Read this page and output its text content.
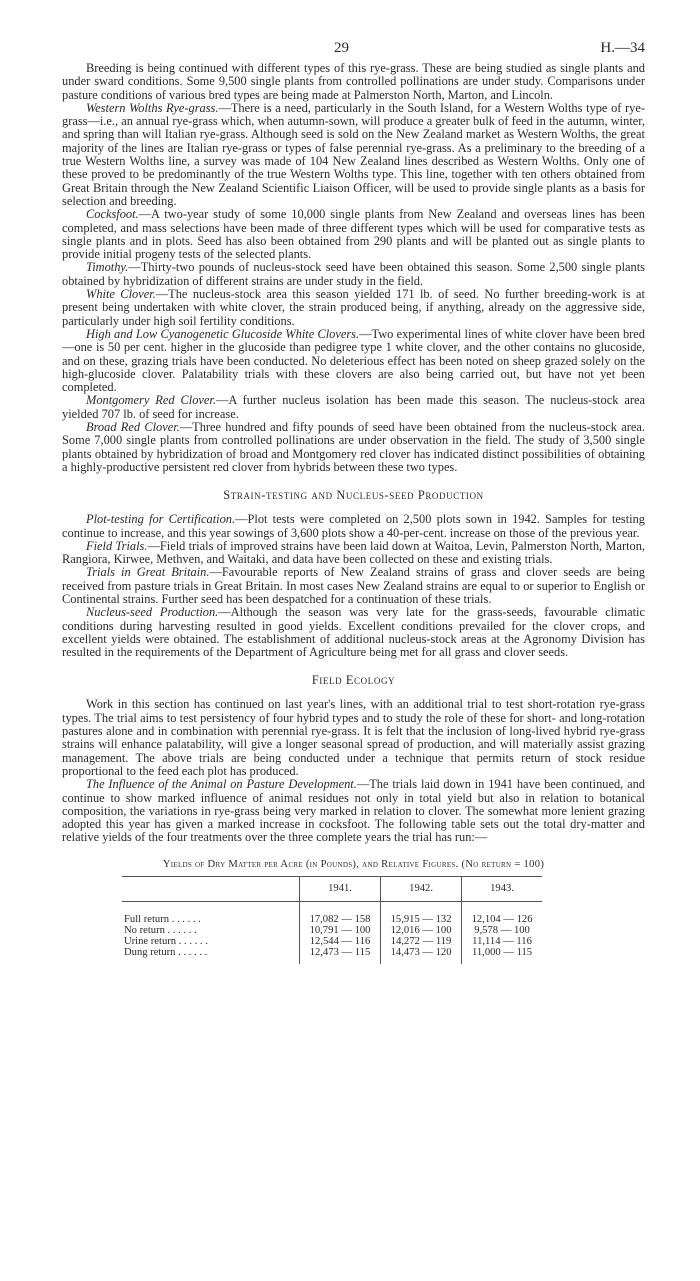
29	H.—34

Breeding is being continued with different types of this rye-grass. These are being studied as single plants and under sward conditions. Some 9,500 single plants from controlled pollinations are under study. Comparisons under pasture conditions of various bred types are being made at Palmerston North, Marton, and Lincoln.

Western Wolths Rye-grass.—There is a need, particularly in the South Island, for a Western Wolths type of rye-grass—i.e., an annual rye-grass which, when autumn-sown, will produce a greater bulk of feed in the autumn, winter, and spring than will Italian rye-grass. Although seed is sold on the New Zealand market as Western Wolths, the great majority of the lines are Italian rye-grass or types of false perennial rye-grass. As a preliminary to the breeding of a true Western Wolths line, a survey was made of 104 New Zealand lines described as Western Wolths. Only one of these proved to be predominantly of the true Western Wolths type. This line, together with ten others obtained from Great Britain through the New Zealand Scientific Liaison Officer, will be used to provide single plants as a basis for selection and breeding.

Cocksfoot.—A two-year study of some 10,000 single plants from New Zealand and overseas lines has been completed, and mass selections have been made of three different types which will be used for comparative tests as single plants and in plots. Seed has also been obtained from 290 plants and will be planted out as single plants to provide initial progeny tests of the selected plants.

Timothy.—Thirty-two pounds of nucleus-stock seed have been obtained this season. Some 2,500 single plants obtained by hybridization of different strains are under study in the field.

White Clover.—The nucleus-stock area this season yielded 171 lb. of seed. No further breeding-work is at present being undertaken with white clover, the strain produced being, if anything, already on the aggressive side, particularly under high soil fertility conditions.

High and Low Cyanogenetic Glucoside White Clovers.—Two experimental lines of white clover have been bred—one is 50 per cent. higher in the glucoside than pedigree type 1 white clover, and the other contains no glucoside, and on these, grazing trials have been conducted. No deleterious effect has been noted on sheep grazed solely on the high-glucoside clover. Palatability trials with these clovers are also being carried out, but have not yet been completed.

Montgomery Red Clover.—A further nucleus isolation has been made this season. The nucleus-stock area yielded 707 lb. of seed for increase.

Broad Red Clover.—Three hundred and fifty pounds of seed have been obtained from the nucleus-stock area. Some 7,000 single plants from controlled pollinations are under observation in the field. The study of 3,500 single plants obtained by hybridization of broad and Montgomery red clover has indicated distinct possibilities of obtaining a highly-productive persistent red clover from hybrids between these two types.

Strain-testing and Nucleus-seed Production

Plot-testing for Certification.—Plot tests were completed on 2,500 plots sown in 1942. Samples for testing continue to increase, and this year sowings of 3,600 plots show a 40-per-cent. increase on those of the previous year.

Field Trials.—Field trials of improved strains have been laid down at Waitoa, Levin, Palmerston North, Marton, Rangiora, Kirwee, Methven, and Waitaki, and data have been collected on these and existing trials.

Trials in Great Britain.—Favourable reports of New Zealand strains of grass and clover seeds are being received from pasture trials in Great Britain. In most cases New Zealand strains are equal to or superior to English or Continental strains. Further seed has been despatched for a continuation of these trials.

Nucleus-seed Production.—Although the season was very late for the grass-seeds, favourable climatic conditions during harvesting resulted in good yields. Excellent conditions prevailed for the clover crops, and excellent yields were obtained. The establishment of additional nucleus-stock areas at the Agronomy Division has resulted in the requirements of the Department of Agriculture being met for all grass and clover seeds.

Field Ecology

Work in this section has continued on last year's lines, with an additional trial to test short-rotation rye-grass types. The trial aims to test persistency of four hybrid types and to study the role of these for short- and long-rotation pastures alone and in combination with perennial rye-grass. It is felt that the inclusion of long-lived hybrid rye-grass strains will enhance palatability, will give a longer seasonal spread of production, and will materially assist grazing management. The above trials are being conducted under a technique that permits return of stock residue proportional to the feed each plot has produced.

The Influence of the Animal on Pasture Development.—The trials laid down in 1941 have been continued, and continue to show marked influence of animal residues not only in total yield but also in relation to botanical composition, the variations in rye-grass being very marked in relation to clover. The somewhat more lenient grazing adopted this year has given a marked increase in cocksfoot. The following table sets out the total dry-matter and relative yields of the four treatments over the three complete years the trial has run:—

Yields of Dry Matter per Acre (in Pounds), and Relative Figures. (No return = 100)
	1941.	1942.	1943.
Full return . . . . . .	17,082 — 158	15,915 — 132	12,104 — 126
No return . . . . . .	10,791 — 100	12,016 — 100	9,578 — 100
Urine return . . . . . .	12,544 — 116	14,272 — 119	11,114 — 116
Dung return . . . . . .	12,473 — 115	14,473 — 120	11,000 — 115
